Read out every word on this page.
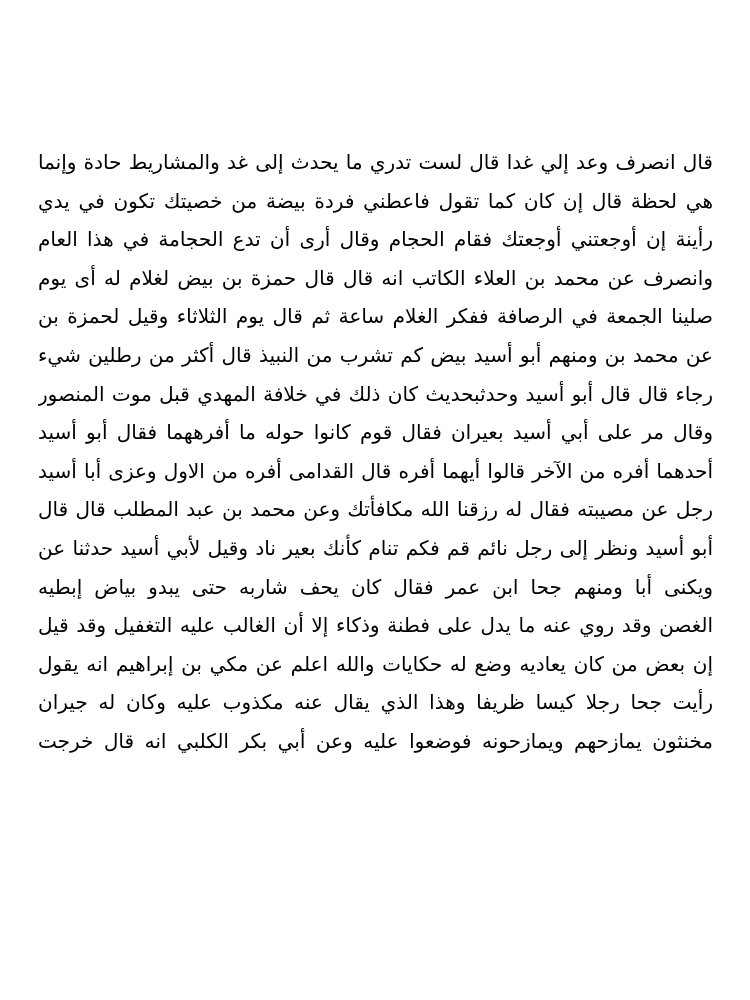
قال انصرف وعد إلي غدا قال لست تدري ما يحدث إلى غد والمشاريط حادة وإنما
هي لحظة قال إن كان كما تقول فاعطني فردة بيضة من خصيتك تكون في يدي
رأينة إن أوجعتني أوجعتك فقام الحجام وقال أرى أن تدع الحجامة في هذا العام
وانصرف عن محمد بن العلاء الكاتب انه قال قال حمزة بن بيض لغلام له أى يوم
صلينا الجمعة في الرصافة ففكر الغلام ساعة ثم قال يوم الثلاثاء وقيل لحمزة بن
عن محمد بن ومنهم أبو أسيد بيض كم تشرب من النبيذ قال أكثر من رطلين شيء
رجاء قال قال أبو أسيد وحدثبحديث كان ذلك في خلافة المهدي قبل موت المنصور
وقال مر على أبي أسيد بعيران فقال قوم كانوا حوله ما أفرههما فقال أبو أسيد
أحدهما أفره من الآخر قالوا أيهما أفره قال القدامى أفره من الاول وعزى أبا أسيد
رجل عن مصيبته فقال له رزقنا الله مكافأتك وعن محمد بن عبد المطلب قال قال
أبو أسيد ونظر إلى رجل نائم قم فكم تنام كأنك بعير ناد وقيل لأبي أسيد حدثنا عن
ويكنى أبا ومنهم جحا ابن عمر فقال كان يحف شاربه حتى يبدو بياض إبطيه
الغصن وقد روي عنه ما يدل على فطنة وذكاء إلا أن الغالب عليه التغفيل وقد قيل
إن بعض من كان يعاديه وضع له حكايات والله اعلم عن مكي بن إبراهيم انه يقول
رأيت جحا رجلا كيسا ظريفا وهذا الذي يقال عنه مكذوب عليه وكان له جيران
مخنثون يمازحهم ويمازحونه فوضعوا عليه وعن أبي بكر الكلبي انه قال خرجت
